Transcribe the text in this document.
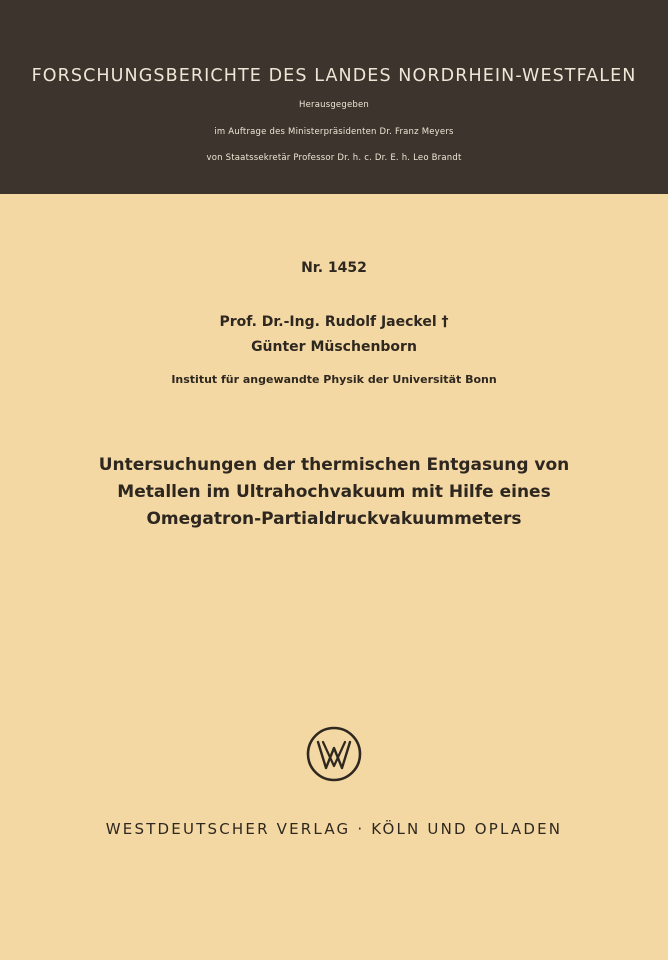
FORSCHUNGSBERICHTE DES LANDES NORDRHEIN-WESTFALEN
Herausgegeben
im Auftrage des Ministerpräsidenten Dr. Franz Meyers
von Staatssekretär Professor Dr. h. c. Dr. E. h. Leo Brandt
Nr. 1452
Prof. Dr.-Ing. Rudolf Jaeckel †
Günter Müschenborn
Institut für angewandte Physik der Universität Bonn
Untersuchungen der thermischen Entgasung von
Metallen im Ultrahochvakuum mit Hilfe eines
Omegatron-Partialdruckvakuummeters
WESTDEUTSCHER VERLAG · KÖLN UND OPLADEN
